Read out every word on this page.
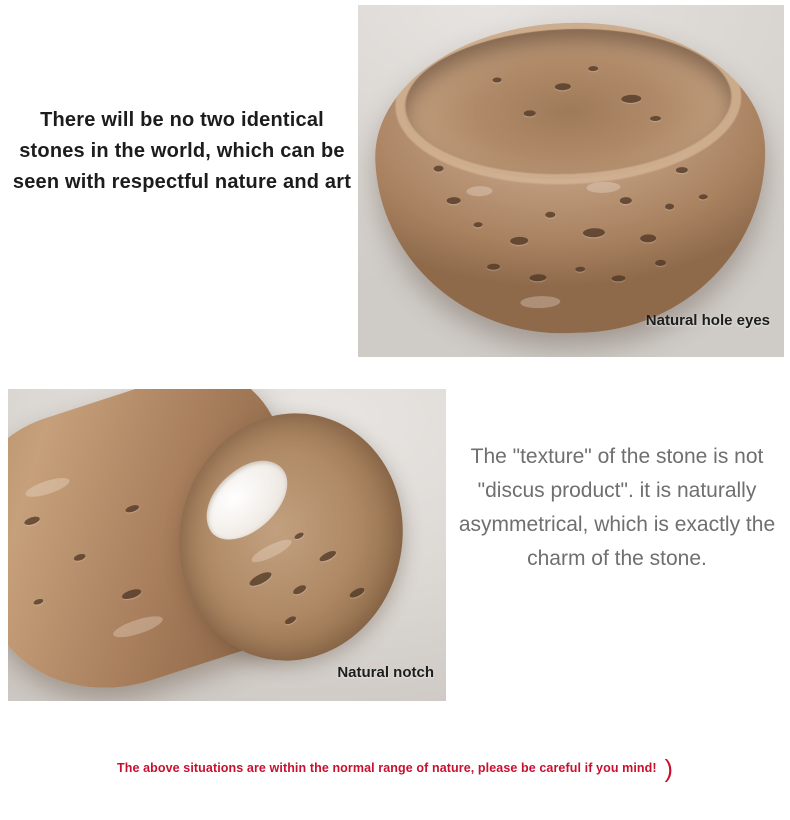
There will be no two identical stones in the world, which can be seen with respectful nature and art
Natural hole eyes
Natural notch
The "texture" of the stone is not "discus product". it is naturally asymmetrical, which is exactly the charm of the stone.
The above situations are within the normal range of nature, please be careful if you mind! )
